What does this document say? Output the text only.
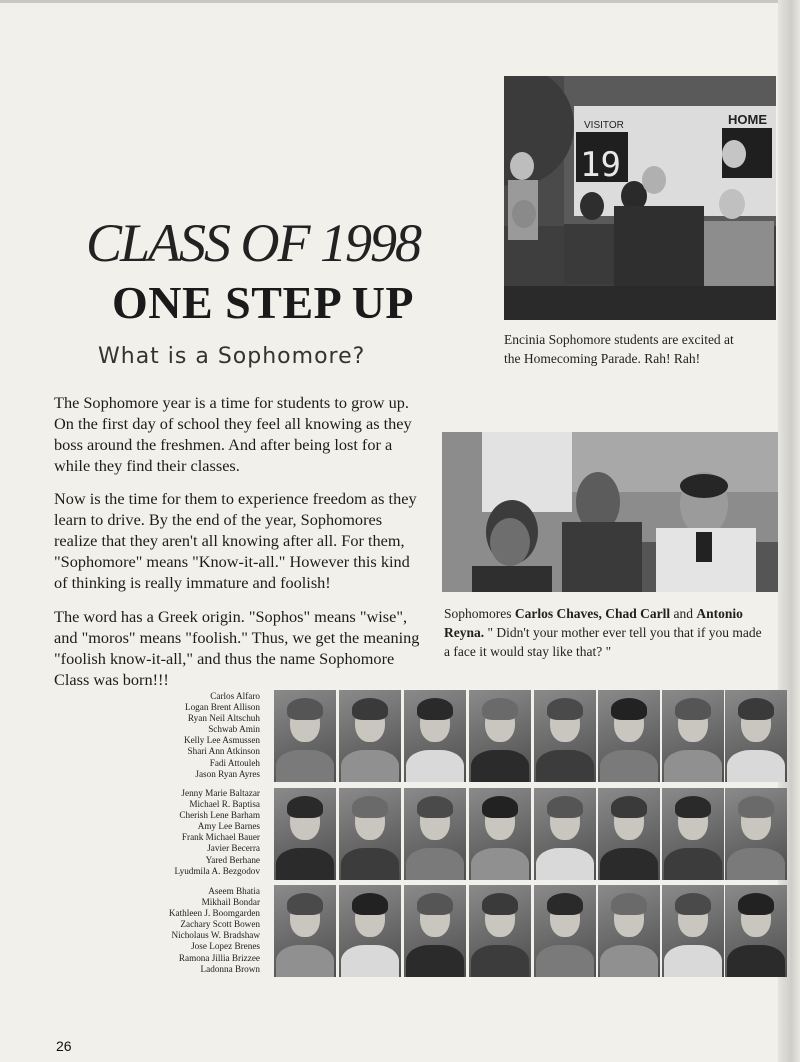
VISITOR	HOME
19
Encinia Sophomore students are excited at the Homecoming Parade. Rah! Rah!
CLASS OF 1998
ONE STEP UP
What is a Sophomore?
The Sophomore year is a time for students to grow up. On the first day of school they feel all knowing as they boss around the freshmen. And after being lost for a while they find their classes.
Now is the time for them to experience freedom as they learn to drive. By the end of the year, Sophomores realize that they aren't all knowing after all. For them, "Sophomore" means "Know-it-all." However this kind of thinking is really immature and foolish!
The word has a Greek origin. "Sophos" means "wise", and "moros" means "foolish." Thus, we get the meaning "foolish know-it-all," and thus the name Sophomore Class was born!!!
Sophomores Carlos Chaves, Chad Carll and Antonio Reyna. " Didn't your mother ever tell you that if you made a face it would stay like that? "
Carlos Alfaro
Logan Brent Allison
Ryan Neil Altschuh
Schwab Amin
Kelly Lee Asmussen
Shari Ann Atkinson
Fadi Attouleh
Jason Ryan Ayres
Jenny Marie Baltazar
Michael R. Baptisa
Cherish Lene Barham
Amy Lee Barnes
Frank Michael Bauer
Javier Becerra
Yared Berhane
Lyudmila A. Bezgodov
Aseem Bhatia
Mikhail Bondar
Kathleen J. Boomgarden
Zachary Scott Bowen
Nicholaus W. Bradshaw
Jose Lopez Brenes
Ramona Jillia Brizzee
Ladonna Brown
26
